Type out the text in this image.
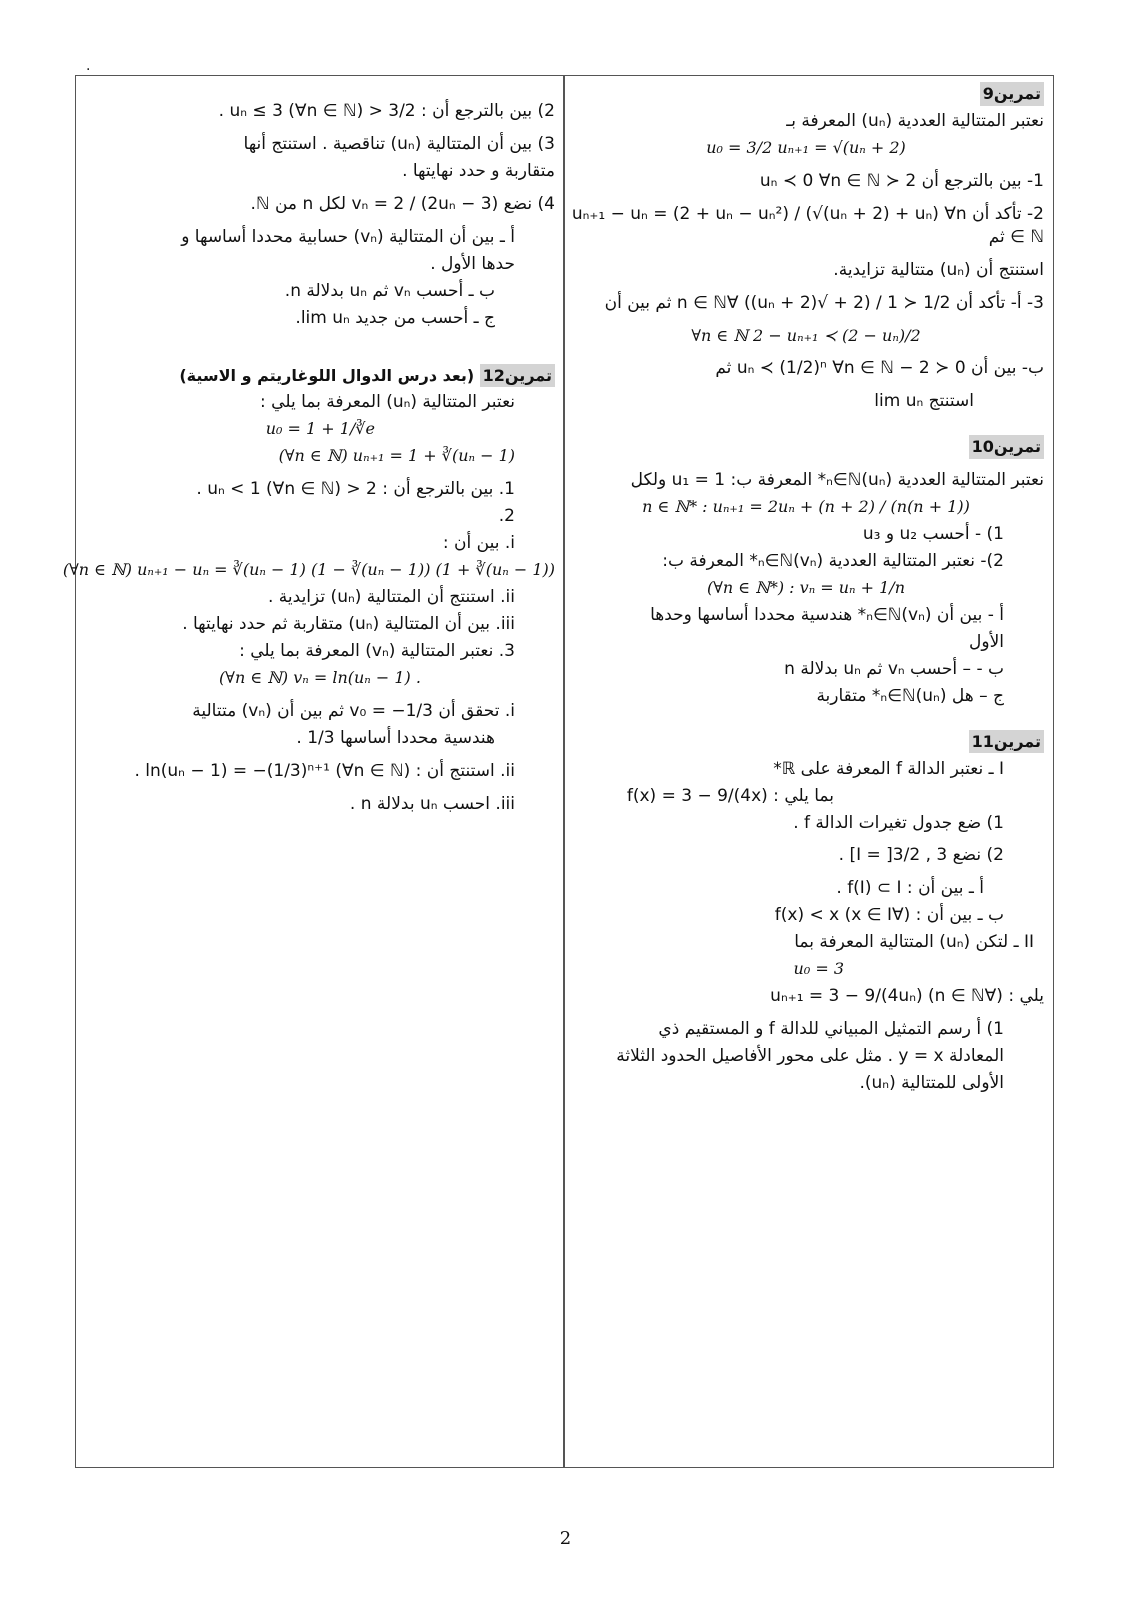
.
تمرين9

نعتبر المتتالية العددية (uₙ) المعرفة بـ

u₀ = 3/2 uₙ₊₁ = √(uₙ + 2)

1- بين بالترجع أن 2 ≺ uₙ ≺ 0 ∀n ∈ ℕ

2- تأكد أن uₙ₊₁ − uₙ = (2 + uₙ − uₙ²) / (√(uₙ + 2) + uₙ) ∀n ∈ ℕ ثم

استنتج أن (uₙ) متتالية تزايدية.

3- أ- تأكد أن 1/2 ≺ 1 / (2 + √(uₙ + 2)) ∀n ∈ ℕ ثم بين أن

∀n ∈ ℕ 2 − uₙ₊₁ ≺ (2 − uₙ)/2

ب- بين أن 0 ≺ 2 − uₙ ≺ (1/2)ⁿ ∀n ∈ ℕ ثم

استنتج lim uₙ

تمرين10

نعتبر المتتالية العددية (uₙ)ₙ∈ℕ* المعرفة ب: u₁ = 1 ولكل

n ∈ ℕ* : uₙ₊₁ = 2uₙ + (n + 2) / (n(n + 1))

1) - أحسب u₂ و u₃

2)- نعتبر المتتالية العددية (vₙ)ₙ∈ℕ* المعرفة ب:

(∀n ∈ ℕ*) : vₙ = uₙ + 1/n

أ - بين أن (vₙ)ₙ∈ℕ* هندسية محددا أساسها وحدها

الأول

ب - – أحسب vₙ ثم uₙ بدلالة n

ج – هل (uₙ)ₙ∈ℕ* متقاربة

تمرين11

I ـ نعتبر الدالة f المعرفة على ℝ*

بما يلي : f(x) = 3 − 9/(4x)

1) ضع جدول تغيرات الدالة f .

2) نضع I = ]3/2 , 3] .

أ ـ بين أن : f(I) ⊂ I .

ب ـ بين أن : (∀x ∈ I) f(x) < x

II ـ لتكن (uₙ) المتتالية المعرفة بما

u₀ = 3

يلي : (∀n ∈ ℕ) uₙ₊₁ = 3 − 9/(4uₙ)

1) أ رسم التمثيل المبياني للدالة f و المستقيم ذي

المعادلة y = x . مثل على محور الأفاصيل الحدود الثلاثة

الأولى للمتتالية (uₙ).

2) بين بالترجع أن : 3/2 < uₙ ≤ 3 (∀n ∈ ℕ) .

3) بين أن المتتالية (uₙ) تناقصية . استنتج أنها

متقاربة و حدد نهايتها .

4) نضع vₙ = 2 / (2uₙ − 3) لكل n من ℕ.

أ ـ بين أن المتتالية (vₙ) حسابية محددا أساسها و

حدها الأول .

ب ـ أحسب vₙ ثم uₙ بدلالة n.

ج ـ أحسب من جديد lim uₙ.

تمرين12 (بعد درس الدوال اللوغاريتم و الاسية)

نعتبر المتتالية (uₙ) المعرفة بما يلي :

u₀ = 1 + 1/∛e

(∀n ∈ ℕ) uₙ₊₁ = 1 + ∛(uₙ − 1)

1. بين بالترجع أن : 2 < uₙ < 1 (∀n ∈ ℕ) .

2.

i. بين أن :

(∀n ∈ ℕ) uₙ₊₁ − uₙ = ∛(uₙ − 1) (1 − ∛(uₙ − 1)) (1 + ∛(uₙ − 1))

ii. استنتج أن المتتالية (uₙ) تزايدية .

iii. بين أن المتتالية (uₙ) متقاربة ثم حدد نهايتها .

3. نعتبر المتتالية (vₙ) المعرفة بما يلي :

(∀n ∈ ℕ) vₙ = ln(uₙ − 1) .

i. تحقق أن v₀ = −1/3 ثم بين أن (vₙ) متتالية

هندسية محددا أساسها 1/3 .

ii. استنتج أن : ln(uₙ − 1) = −(1/3)ⁿ⁺¹ (∀n ∈ ℕ) .

iii. احسب uₙ بدلالة n .

2
